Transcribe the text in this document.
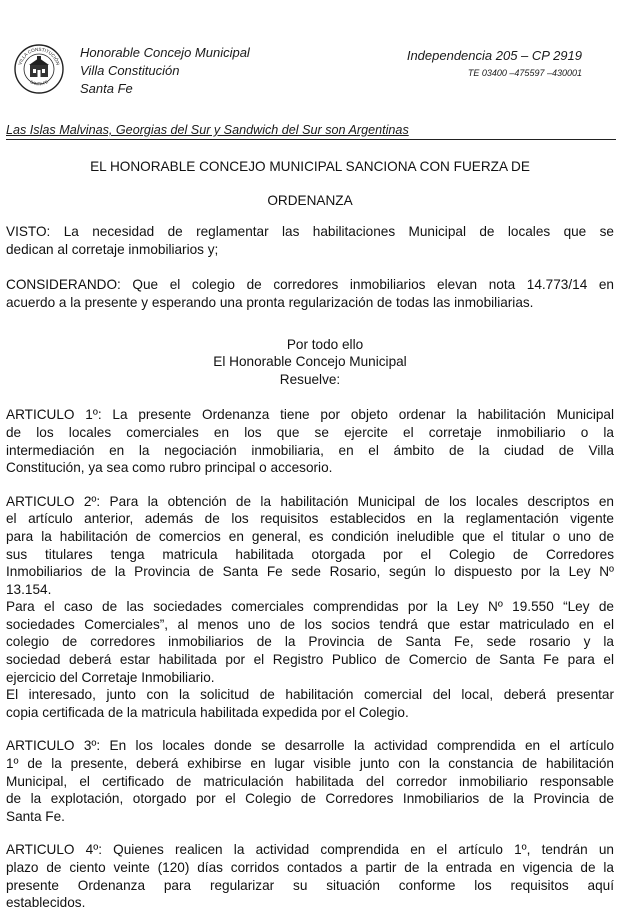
VILLA CONSTITUCIÓN
SANTA FE
Honorable Concejo Municipal
Villa Constitución
Santa Fe
Independencia 205 – CP 2919
TE 03400 –475597 –430001
Las Islas Malvinas, Georgias del Sur y Sandwich del Sur son Argentinas
EL HONORABLE CONCEJO MUNICIPAL SANCIONA CON FUERZA DE
ORDENANZA

VISTO: La necesidad de reglamentar las habilitaciones Municipal de locales que se

dedican al corretaje inmobiliarios y;

CONSIDERANDO: Que el colegio de corredores inmobiliarios elevan nota 14.773/14 en

acuerdo a la presente y esperando una pronta regularización de todas las inmobiliarias.

Por todo ello
El Honorable Concejo Municipal
Resuelve:

ARTICULO 1º: La presente Ordenanza tiene por objeto ordenar la habilitación Municipal

de los locales comerciales en los que se ejercite el corretaje inmobiliario o la

intermediación en la negociación inmobiliaria, en el ámbito de la ciudad de Villa

Constitución, ya sea como rubro principal o accesorio.

ARTICULO 2º: Para la obtención de la habilitación Municipal de los locales descriptos en

el artículo anterior, además de los requisitos establecidos en la reglamentación vigente

para la habilitación de comercios en general, es condición ineludible que el titular o uno de

sus titulares tenga matricula habilitada otorgada por el Colegio de Corredores

Inmobiliarios de la Provincia de Santa Fe sede Rosario, según lo dispuesto por la Ley Nº

13.154.

Para el caso de las sociedades comerciales comprendidas por la Ley Nº 19.550 “Ley de

sociedades Comerciales”, al menos uno de los socios tendrá que estar matriculado en el

colegio de corredores inmobiliarios de la Provincia de Santa Fe, sede rosario y la

sociedad deberá estar habilitada por el Registro Publico de Comercio de Santa Fe para el

ejercicio del Corretaje Inmobiliario.

El interesado, junto con la solicitud de habilitación comercial del local, deberá presentar

copia certificada de la matricula habilitada expedida por el Colegio.

ARTICULO 3º: En los locales donde se desarrolle la actividad comprendida en el artículo

1º de la presente, deberá exhibirse en lugar visible junto con la constancia de habilitación

Municipal, el certificado de matriculación habilitada del corredor inmobiliario responsable

de la explotación, otorgado por el Colegio de Corredores Inmobiliarios de la Provincia de

Santa Fe.

ARTICULO 4º: Quienes realicen la actividad comprendida en el artículo 1º, tendrán un

plazo de ciento veinte (120) días corridos contados a partir de la entrada en vigencia de la

presente Ordenanza para regularizar su situación conforme los requisitos aquí

establecidos.
